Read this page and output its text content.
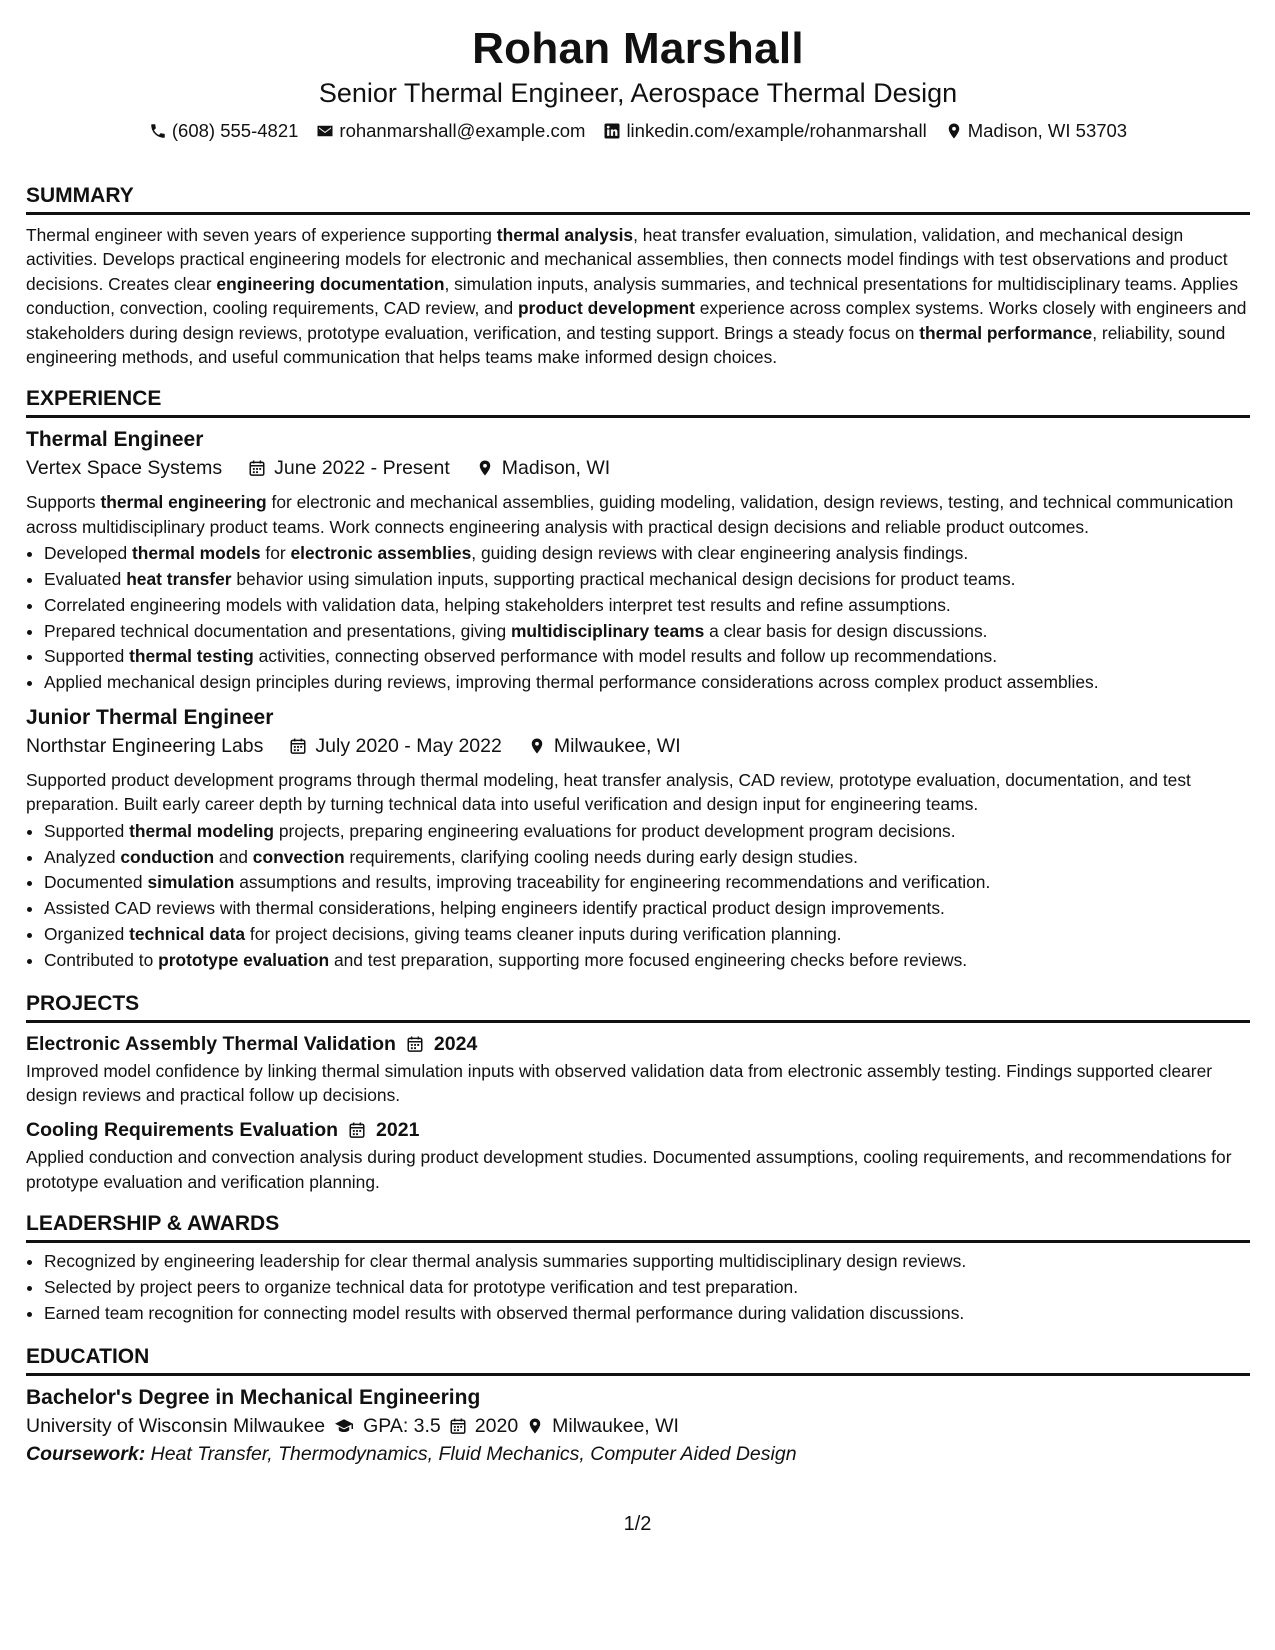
Rohan Marshall
Senior Thermal Engineer, Aerospace Thermal Design
(608) 555-4821 rohanmarshall@example.com linkedin.com/example/rohanmarshall Madison, WI 53703
SUMMARY
Thermal engineer with seven years of experience supporting thermal analysis, heat transfer evaluation, simulation, validation, and mechanical design activities. Develops practical engineering models for electronic and mechanical assemblies, then connects model findings with test observations and product decisions. Creates clear engineering documentation, simulation inputs, analysis summaries, and technical presentations for multidisciplinary teams. Applies conduction, convection, cooling requirements, CAD review, and product development experience across complex systems. Works closely with engineers and stakeholders during design reviews, prototype evaluation, verification, and testing support. Brings a steady focus on thermal performance, reliability, sound engineering methods, and useful communication that helps teams make informed design choices.
EXPERIENCE
Thermal Engineer
Vertex Space Systems	June 2022 - Present	Madison, WI
Supports thermal engineering for electronic and mechanical assemblies, guiding modeling, validation, design reviews, testing, and technical communication across multidisciplinary product teams. Work connects engineering analysis with practical design decisions and reliable product outcomes.
• Developed thermal models for electronic assemblies, guiding design reviews with clear engineering analysis findings.
• Evaluated heat transfer behavior using simulation inputs, supporting practical mechanical design decisions for product teams.
• Correlated engineering models with validation data, helping stakeholders interpret test results and refine assumptions.
• Prepared technical documentation and presentations, giving multidisciplinary teams a clear basis for design discussions.
• Supported thermal testing activities, connecting observed performance with model results and follow up recommendations.
• Applied mechanical design principles during reviews, improving thermal performance considerations across complex product assemblies.
Junior Thermal Engineer
Northstar Engineering Labs	July 2020 - May 2022	Milwaukee, WI
Supported product development programs through thermal modeling, heat transfer analysis, CAD review, prototype evaluation, documentation, and test preparation. Built early career depth by turning technical data into useful verification and design input for engineering teams.
• Supported thermal modeling projects, preparing engineering evaluations for product development program decisions.
• Analyzed conduction and convection requirements, clarifying cooling needs during early design studies.
• Documented simulation assumptions and results, improving traceability for engineering recommendations and verification.
• Assisted CAD reviews with thermal considerations, helping engineers identify practical product design improvements.
• Organized technical data for project decisions, giving teams cleaner inputs during verification planning.
• Contributed to prototype evaluation and test preparation, supporting more focused engineering checks before reviews.
PROJECTS
Electronic Assembly Thermal Validation 2024
Improved model confidence by linking thermal simulation inputs with observed validation data from electronic assembly testing. Findings supported clearer design reviews and practical follow up decisions.
Cooling Requirements Evaluation 2021
Applied conduction and convection analysis during product development studies. Documented assumptions, cooling requirements, and recommendations for prototype evaluation and verification planning.
LEADERSHIP & AWARDS
• Recognized by engineering leadership for clear thermal analysis summaries supporting multidisciplinary design reviews.
• Selected by project peers to organize technical data for prototype verification and test preparation.
• Earned team recognition for connecting model results with observed thermal performance during validation discussions.
EDUCATION
Bachelor's Degree in Mechanical Engineering
University of Wisconsin Milwaukee GPA: 3.5 2020 Milwaukee, WI
Coursework: Heat Transfer, Thermodynamics, Fluid Mechanics, Computer Aided Design
1/2
